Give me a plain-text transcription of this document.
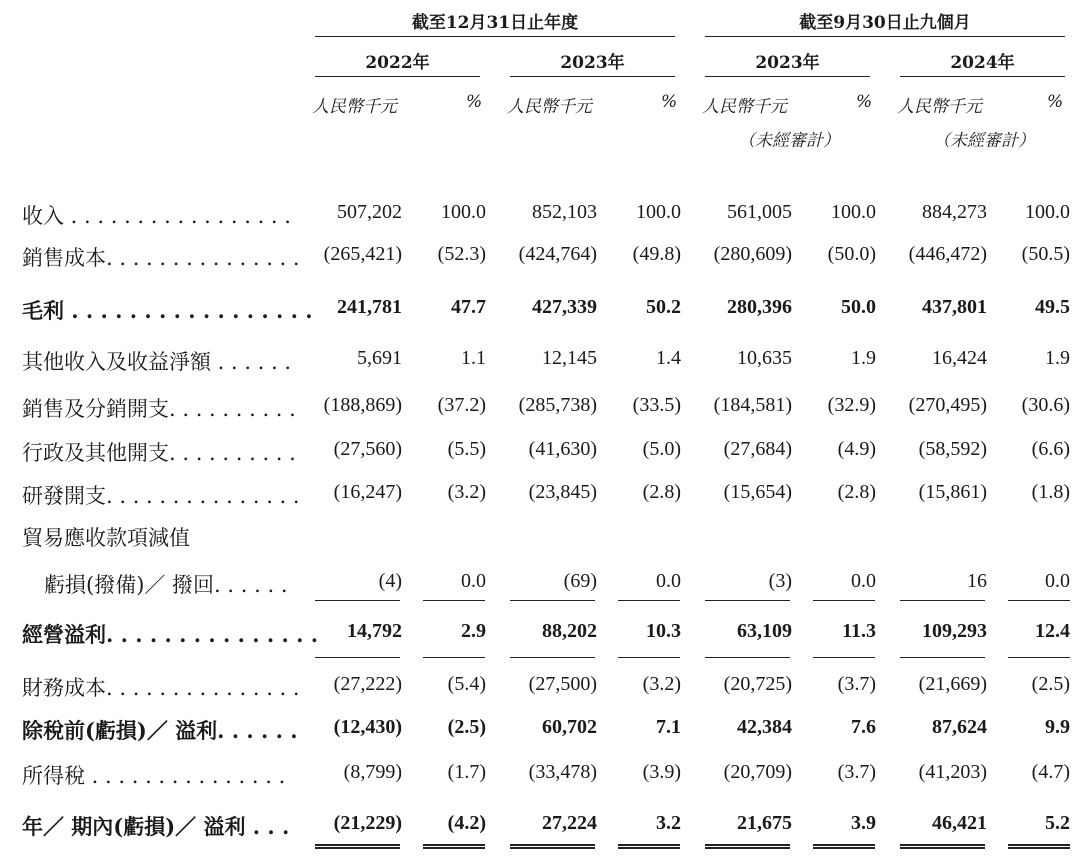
截至12月31日止年度	截至9月30日止九個月
2022年	2023年	2023年	2024年
人民幣千元	% 人民幣千元	% 人民幣千元	% 人民幣千元	%
（未經審計）	（未經審計）
收入 . . . . . . . . . . . . . . . . . 507,202 100.0 852,103 100.0 561,005 100.0 884,273 100.0
銷售成本. . . . . . . . . . . . . . . (265,421) (52.3) (424,764) (49.8) (280,609) (50.0) (446,472) (50.5)
毛利 . . . . . . . . . . . . . . . . . 241,781 47.7 427,339 50.2 280,396 50.0 437,801 49.5
其他收入及收益淨額 . . . . . .	5,691	1.1	12,145	1.4	10,635	1.9	16,424	1.9
銷售及分銷開支. . . . . . . . . . (188,869) (37.2) (285,738) (33.5) (184,581) (32.9) (270,495) (30.6)
行政及其他開支. . . . . . . . . . (27,560) (5.5) (41,630) (5.0) (27,684) (4.9) (58,592) (6.6)
研發開支. . . . . . . . . . . . . . . (16,247) (3.2) (23,845) (2.8) (15,654) (2.8) (15,861) (1.8)
貿易應收款項減值
虧損(撥備)／ 撥回. . . . . .	(4)	0.0	(69)	0.0	(3)	0.0	16	0.0
經營溢利. . . . . . . . . . . . . . . 14,792	2.9	88,202 10.3	63,109	11.3 109,293 12.4
財務成本. . . . . . . . . . . . . . . (27,222) (5.4) (27,500) (3.2) (20,725) (3.7) (21,669) (2.5)
除稅前(虧損)／ 溢利. . . . . . (12,430) (2.5)	60,702	7.1	42,384	7.6	87,624	9.9
所得稅 . . . . . . . . . . . . . . .	(8,799) (1.7) (33,478) (3.9) (20,709) (3.7) (41,203) (4.7)
年／ 期內(虧損)／ 溢利 . . . (21,229) (4.2)	27,224	3.2	21,675	3.9	46,421	5.2
